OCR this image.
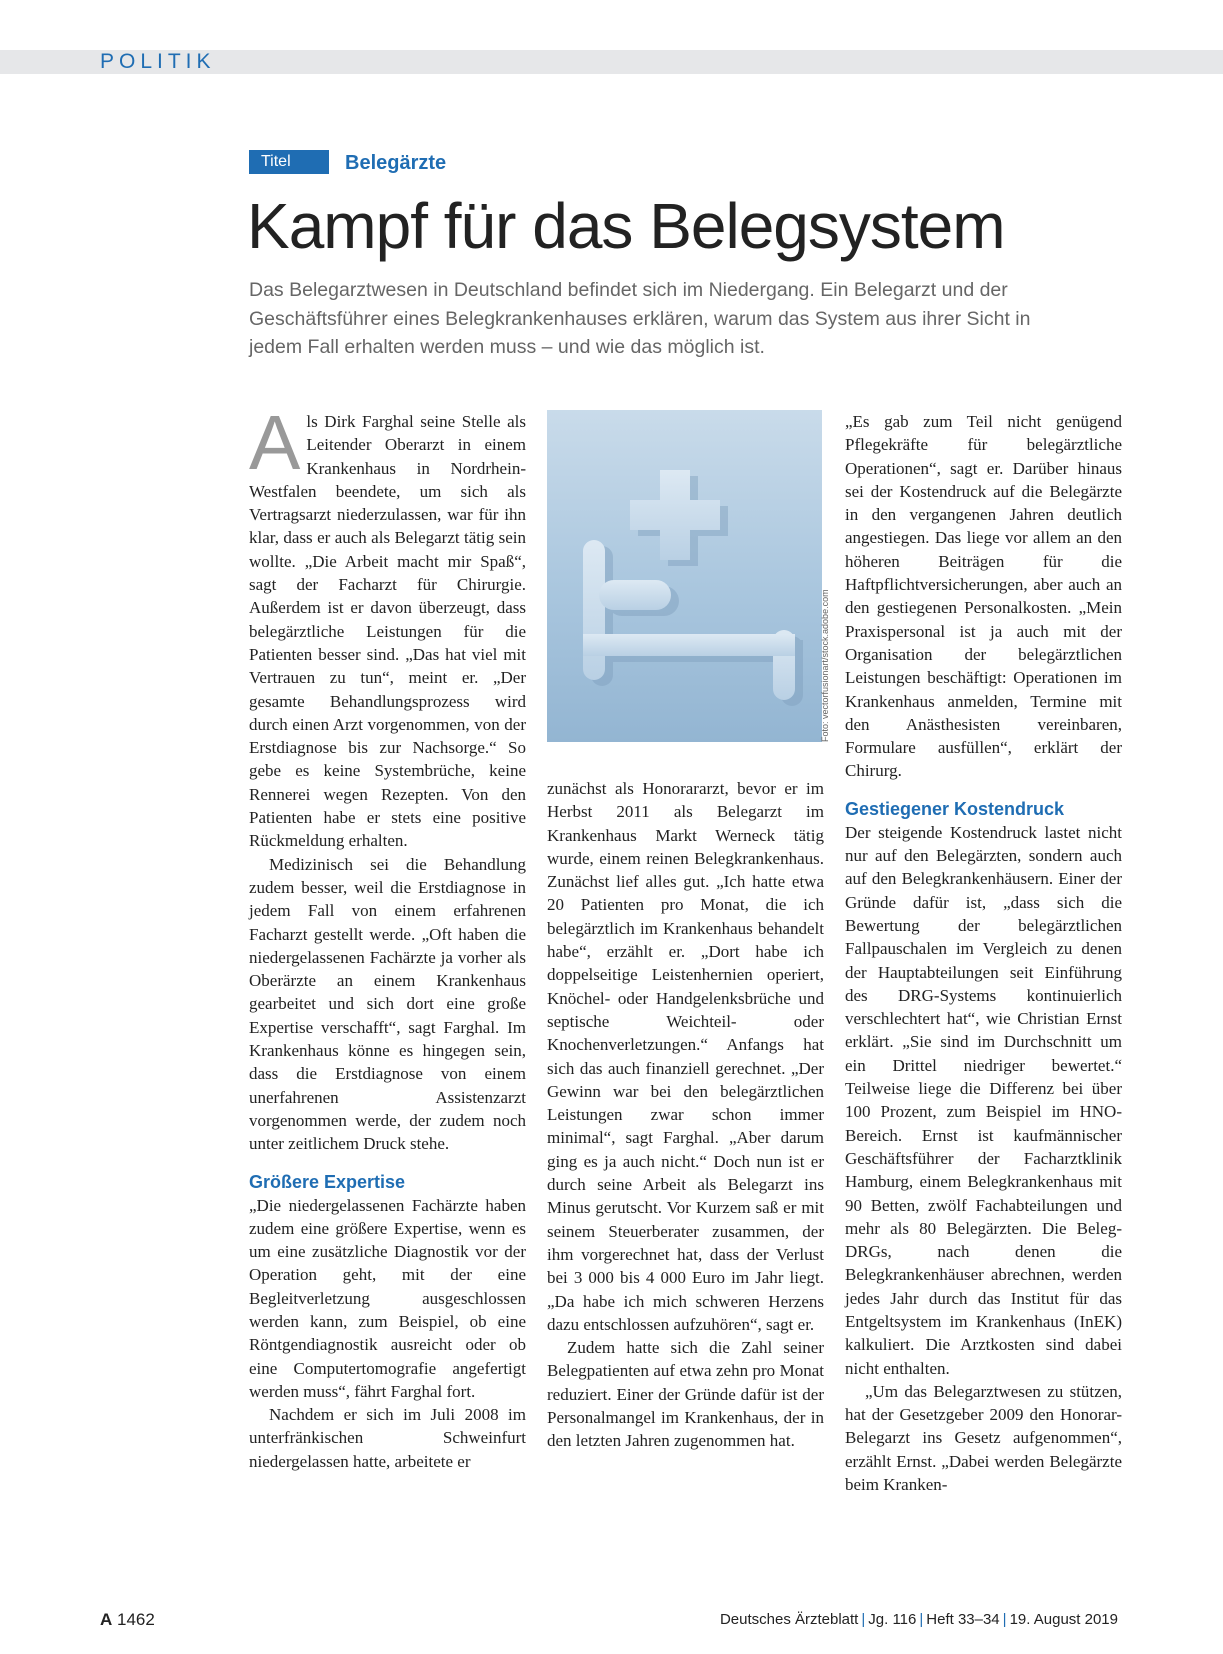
POLITIK
Titel	Belegärzte
Kampf für das Belegsystem

Das Belegarztwesen in Deutschland befindet sich im Niedergang. Ein Belegarzt und der Geschäftsführer eines Belegkrankenhauses erklären, warum das System aus ihrer Sicht in jedem Fall erhalten werden muss – und wie das möglich ist.

Als Dirk Farghal seine Stelle als Leitender Oberarzt in einem Krankenhaus in Nordrhein-Westfalen beendete, um sich als Vertragsarzt niederzulassen, war für ihn klar, dass er auch als Belegarzt tätig sein wollte. „Die Arbeit macht mir Spaß“, sagt der Facharzt für Chirurgie. Außerdem ist er davon überzeugt, dass belegärztliche Leistungen für die Patienten besser sind. „Das hat viel mit Vertrauen zu tun“, meint er. „Der gesamte Behandlungsprozess wird durch einen Arzt vorgenommen, von der Erstdiagnose bis zur Nachsorge.“ So gebe es keine Systembrüche, keine Rennerei wegen Rezepten. Von den Patienten habe er stets eine positive Rückmeldung erhalten.

Medizinisch sei die Behandlung zudem besser, weil die Erstdiagnose in jedem Fall von einem erfahrenen Facharzt gestellt werde. „Oft haben die niedergelassenen Fachärzte ja vorher als Oberärzte an einem Krankenhaus gearbeitet und sich dort eine große Expertise verschafft“, sagt Farghal. Im Krankenhaus könne es hingegen sein, dass die Erstdiagnose von einem unerfahrenen Assistenzarzt vorgenommen werde, der zudem noch unter zeitlichem Druck stehe.

Größere Expertise

„Die niedergelassenen Fachärzte haben zudem eine größere Expertise, wenn es um eine zusätzliche Diagnostik vor der Operation geht, mit der eine Begleitverletzung ausgeschlossen werden kann, zum Beispiel, ob eine Röntgendiagnostik ausreicht oder ob eine Computertomografie angefertigt werden muss“, fährt Farghal fort.

Nachdem er sich im Juli 2008 im unterfränkischen Schweinfurt niedergelassen hatte, arbeitete er

Foto: vectorfusionart/stock.adobe.com

zunächst als Honorararzt, bevor er im Herbst 2011 als Belegarzt im Krankenhaus Markt Werneck tätig wurde, einem reinen Belegkrankenhaus. Zunächst lief alles gut. „Ich hatte etwa 20 Patienten pro Monat, die ich belegärztlich im Krankenhaus behandelt habe“, erzählt er. „Dort habe ich doppelseitige Leistenhernien operiert, Knöchel- oder Handgelenksbrüche und septische Weichteil- oder Knochenverletzungen.“ Anfangs hat sich das auch finanziell gerechnet. „Der Gewinn war bei den belegärztlichen Leistungen zwar schon immer minimal“, sagt Farghal. „Aber darum ging es ja auch nicht.“ Doch nun ist er durch seine Arbeit als Belegarzt ins Minus gerutscht. Vor Kurzem saß er mit seinem Steuerberater zusammen, der ihm vorgerechnet hat, dass der Verlust bei 3 000 bis 4 000 Euro im Jahr liegt. „Da habe ich mich schweren Herzens dazu entschlossen aufzuhören“, sagt er.

Zudem hatte sich die Zahl seiner Belegpatienten auf etwa zehn pro Monat reduziert. Einer der Gründe dafür ist der Personalmangel im Krankenhaus, der in den letzten Jahren zugenommen hat.

„Es gab zum Teil nicht genügend Pflegekräfte für belegärztliche Operationen“, sagt er. Darüber hinaus sei der Kostendruck auf die Belegärzte in den vergangenen Jahren deutlich angestiegen. Das liege vor allem an den höheren Beiträgen für die Haftpflichtversicherungen, aber auch an den gestiegenen Personalkosten. „Mein Praxispersonal ist ja auch mit der Organisation der belegärztlichen Leistungen beschäftigt: Operationen im Krankenhaus anmelden, Termine mit den Anästhesisten vereinbaren, Formulare ausfüllen“, erklärt der Chirurg.

Gestiegener Kostendruck

Der steigende Kostendruck lastet nicht nur auf den Belegärzten, sondern auch auf den Belegkrankenhäusern. Einer der Gründe dafür ist, „dass sich die Bewertung der belegärztlichen Fallpauschalen im Vergleich zu denen der Hauptabteilungen seit Einführung des DRG-Systems kontinuierlich verschlechtert hat“, wie Christian Ernst erklärt. „Sie sind im Durchschnitt um ein Drittel niedriger bewertet.“ Teilweise liege die Differenz bei über 100 Prozent, zum Beispiel im HNO-Bereich. Ernst ist kaufmännischer Geschäftsführer der Facharztklinik Hamburg, einem Belegkrankenhaus mit 90 Betten, zwölf Fachabteilungen und mehr als 80 Belegärzten. Die Beleg-DRGs, nach denen die Belegkrankenhäuser abrechnen, werden jedes Jahr durch das Institut für das Entgeltsystem im Krankenhaus (InEK) kalkuliert. Die Arztkosten sind dabei nicht enthalten.

„Um das Belegarztwesen zu stützen, hat der Gesetzgeber 2009 den Honorar-Belegarzt ins Gesetz aufgenommen“, erzählt Ernst. „Dabei werden Belegärzte beim Kranken-

A 1462	Deutsches Ärzteblatt | Jg. 116 | Heft 33–34 | 19. August 2019
